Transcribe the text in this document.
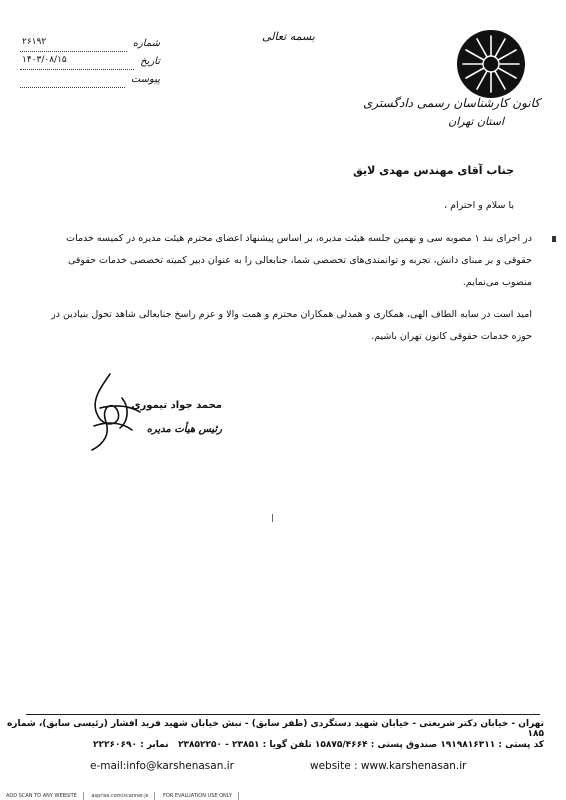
شماره
۲۶۱۹۲
تاریخ
۱۴۰۳/۰۸/۱۵
پیوست

بسمه تعالی
کانون کارشناسان رسمی دادگستری
استان تهران
جناب آقای مهندس مهدی لایق
با سلام و احترام ،
در اجرای بند ۱ مصوبه سی و نهمین جلسه هیئت مدیره، بر اساس پیشنهاد اعضای محترم هیئت مدیره در کمیسه خدمات حقوقی و بر مبنای دانش، تجربه و توانمندی‌های تخصصی شما، جنابعالی را به عنوان دبیر کمیته تخصصی خدمات حقوقی منصوب می‌نمایم.
امید است در سایه الطاف الهی، همکاری و همدلی همکاران محترم و همت والا و عزم راسخ جنابعالی شاهد تحول بنیادین در حوزه خدمات حقوقی کانون تهران باشیم.
محمد جواد تیموری
رئیس هیأت مدیره
تهران - خیابان دکتر شریعتی - خیابان شهید دستگردی (ظفر سابق) - نبش خیابان شهید فرید افشار (رئیسی سابق)، شماره ۱۸۵
کد پستی : ۱۹۱۹۸۱۶۳۱۱ صندوق پستی : ۱۵۸۷۵/۴۶۶۴ تلفن گویا : ۲۳۸۵۱ - ۲۳۸۵۲۲۵۰
نمابر : ۲۲۲۶۰۶۹۰
e-mail:info@karshenasan.ir	website : www.karshenasan.ir
ADD SCAN TO ANY WEBSITE	asprise.com/scanner.js	FOR EVALUATION USE ONLY
